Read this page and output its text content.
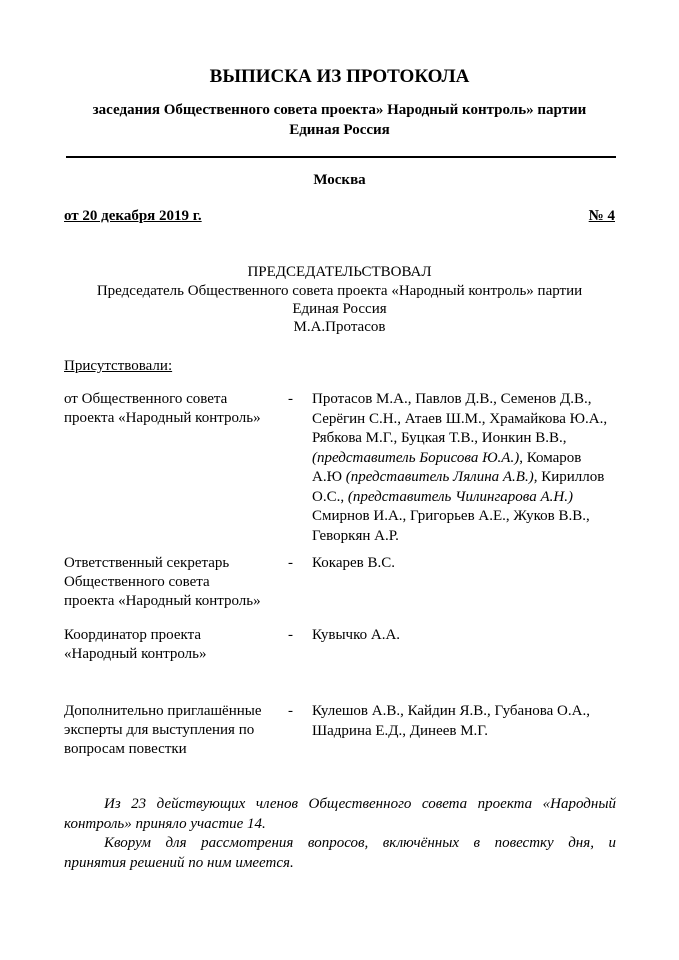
ВЫПИСКА ИЗ ПРОТОКОЛА
заседания Общественного совета проекта» Народный контроль» партии
Единая Россия
Москва
от 20 декабря 2019 г.	№ 4
ПРЕДСЕДАТЕЛЬСТВОВАЛ
Председатель Общественного совета проекта «Народный контроль» партии
Единая Россия
М.А.Протасов
Присутствовали:
от Общественного совета
проекта «Народный контроль»
- Протасов М.А., Павлов Д.В., Семенов Д.В.,
Серёгин С.Н., Атаев Ш.М., Храмайкова Ю.А.,
Рябкова М.Г., Буцкая Т.В., Ионкин В.В.,
(представитель Борисова Ю.А.), Комаров
А.Ю (представитель Лялина А.В.), Кириллов
О.С., (представитель Чилингарова А.Н.)
Смирнов И.А., Григорьев А.Е., Жуков В.В.,
Геворкян А.Р.
Ответственный секретарь
Общественного совета
проекта «Народный контроль»
- Кокарев В.С.
Координатор проекта
«Народный контроль»
- Кувычко А.А.
Дополнительно приглашённые
эксперты для выступления по
вопросам повестки
- Кулешов А.В., Кайдин Я.В., Губанова О.А.,
Шадрина Е.Д., Динеев М.Г.
Из 23 действующих членов Общественного совета проекта «Народный
контроль» приняло участие 14.
Кворум для рассмотрения вопросов, включённых в повестку дня, и
принятия решений по ним имеется.
